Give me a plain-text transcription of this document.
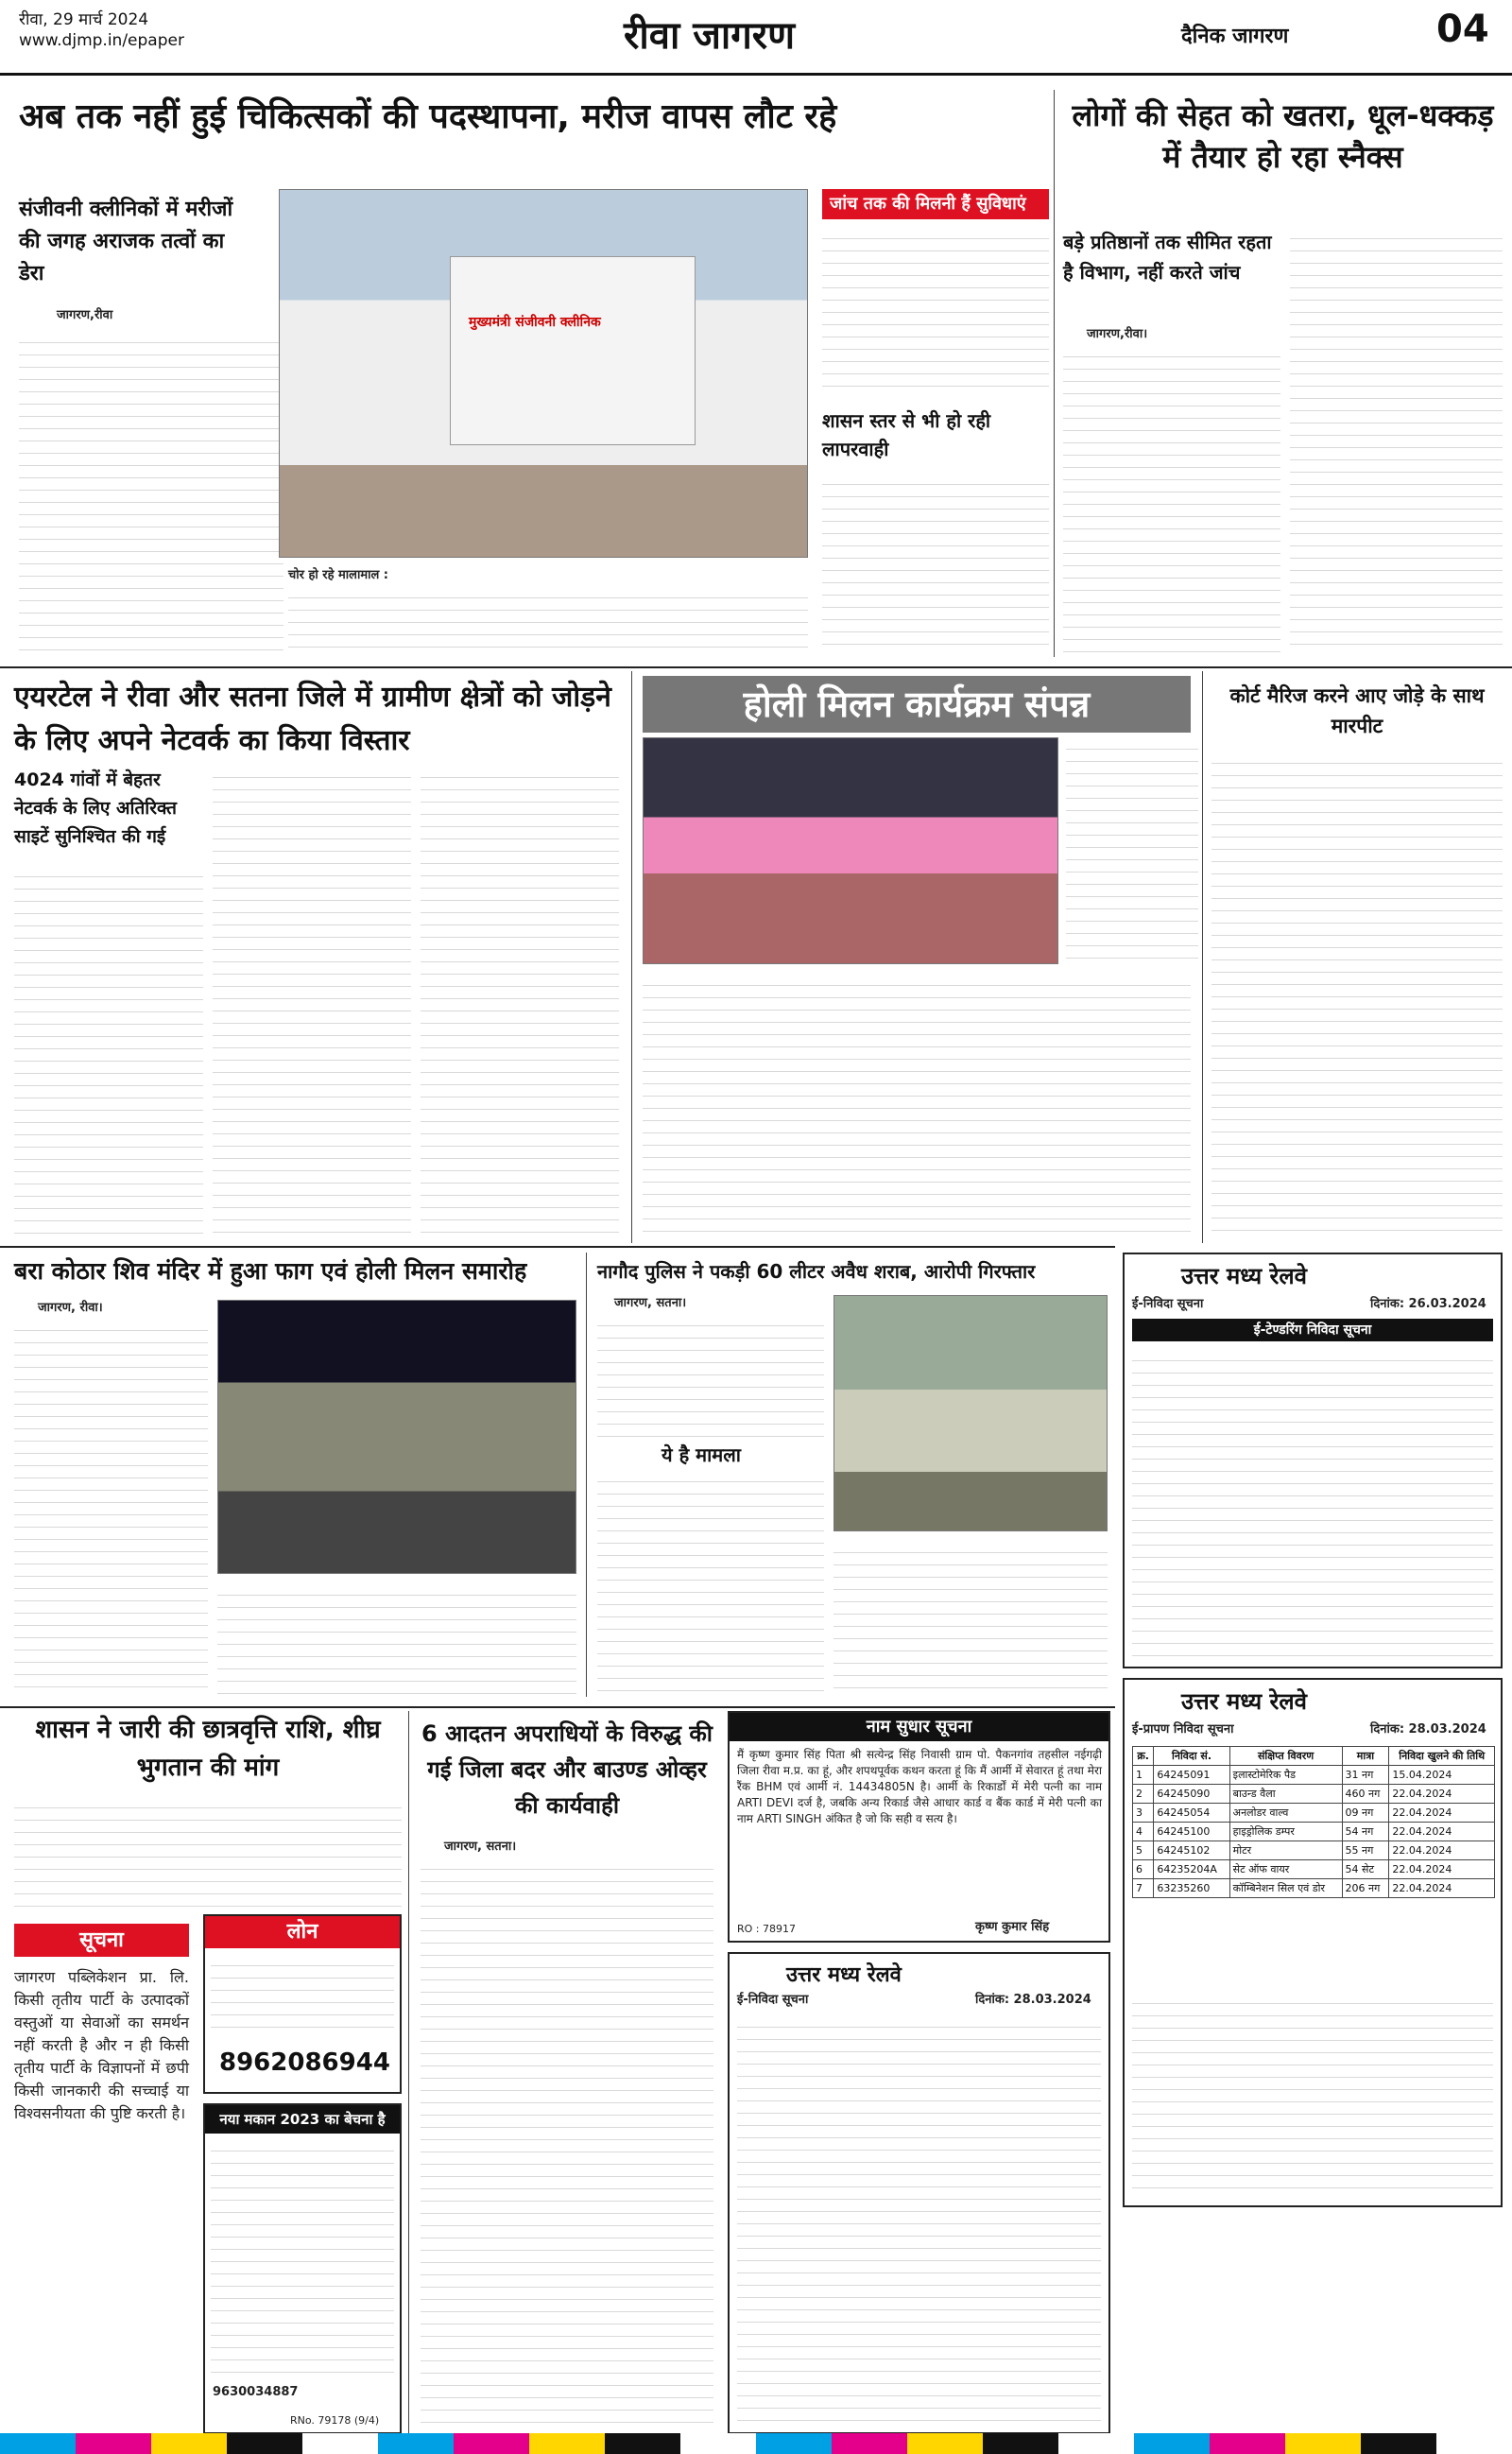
रीवा, 29 मार्च 2024
www.djmp.in/epaper	रीवा जागरण	दैनिक जागरण	04
अब तक नहीं हुई चिकित्सकों की पदस्थापना, मरीज वापस लौट रहे
संजीवनी क्लीनिकों में मरीजों की जगह अराजक तत्वों का डेरा
जागरण,रीवा	मुख्यमंत्री संजीवनी क्लीनिक
चोर हो रहे मालामाल :
जांच तक की मिलनी हैं सुविधाएं
शासन स्तर से भी हो रही लापरवाही
लोगों की सेहत को खतरा, धूल-धक्कड़ में तैयार हो रहा स्नैक्स
बड़े प्रतिष्ठानों तक सीमित रहता है विभाग, नहीं करते जांच
जागरण,रीवा।
एयरटेल ने रीवा और सतना जिले में ग्रामीण क्षेत्रों को जोड़ने के लिए अपने नेटवर्क का किया विस्तार
4024 गांवों में बेहतर नेटवर्क के लिए अतिरिक्त साइटें सुनिश्चित की गई
होली मिलन कार्यक्रम संपन्न	कोर्ट मैरिज करने आए जोड़े के साथ मारपीट
बरा कोठार शिव मंदिर में हुआ फाग एवं होली मिलन समारोह
जागरण, रीवा।
नागौद पुलिस ने पकड़ी 60 लीटर अवैध शराब, आरोपी गिरफ्तार
जागरण, सतना।
ये है मामला
उत्तर मध्य रेलवे
ई-निविदा सूचना	दिनांक: 26.03.2024
ई-टेण्डरिंग निविदा सूचना
उत्तर मध्य रेलवे
ई-प्रापण निविदा सूचना	दिनांक: 28.03.2024
क्र.	निविदा सं.	संक्षिप्त विवरण	मात्रा	निविदा खुलने की तिथि
1	64245091	इलास्टोमेरिक पैड	31 नग	15.04.2024
2	64245090	बाउन्ड वैला	460 नग	22.04.2024
3	64245054	अनलोडर वाल्व	09 नग	22.04.2024
4	64245100	हाइड्रोलिक डम्पर	54 नग	22.04.2024
5	64245102	मोटर	55 नग	22.04.2024
6	64235204A	सेट ऑफ वायर	54 सेट	22.04.2024
7	63235260	कॉम्बिनेशन सिल एवं डोर	206 नग	22.04.2024
शासन ने जारी की छात्रवृत्ति राशि, शीघ्र भुगतान की मांग
6 आदतन अपराधियों के विरुद्ध की गई जिला बदर और बाउण्ड ओव्हर की कार्यवाही
जागरण, सतना।
नाम सुधार सूचना
मैं कृष्ण कुमार सिंह पिता श्री सत्येन्द्र सिंह निवासी ग्राम पो. पैकनगांव तहसील नईगढ़ी जिला रीवा म.प्र. का हूं, और शपथपूर्वक कथन करता हूं कि मैं आर्मी में सेवारत हूं तथा मेरा रैंक BHM एवं आर्मी नं. 14434805N है। आर्मी के रिकार्डों में मेरी पत्नी का नाम ARTI DEVI दर्ज है, जबकि अन्य रिकार्ड जैसे आधार कार्ड व बैंक कार्ड में मेरी पत्नी का नाम ARTI SINGH अंकित है जो कि सही व सत्य है।
RO : 78917	कृष्ण कुमार सिंह
उत्तर मध्य रेलवे
ई-निविदा सूचना	दिनांक: 28.03.2024
सूचना
जागरण पब्लिकेशन प्रा. लि. किसी तृतीय पार्टी के उत्पादकों वस्तुओं या सेवाओं का समर्थन नहीं करती है और न ही किसी तृतीय पार्टी के विज्ञापनों में छपी किसी जानकारी की सच्चाई या विश्वसनीयता की पुष्टि करती है।
लोन
8962086944
नया मकान 2023 का बेचना है
9630034887
RNo. 79178 (9/4)
